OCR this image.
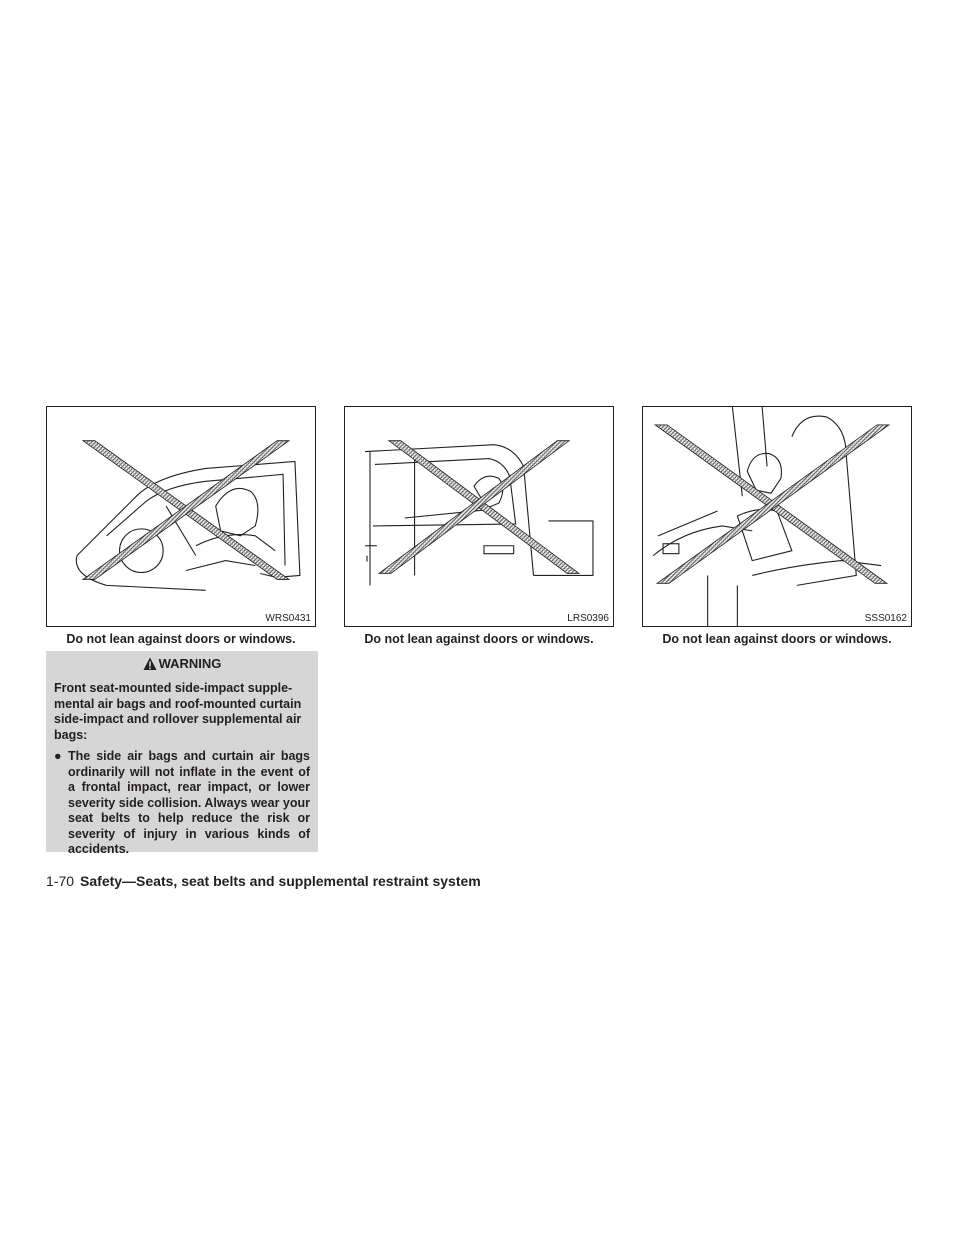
WRS0431
Do not lean against doors or windows.
LRS0396
Do not lean against doors or windows.
SSS0162
Do not lean against doors or windows.
WARNING
Front seat-mounted side-impact supple-mental air bags and roof-mounted curtain side-impact and rollover supplemental air bags:
● The side air bags and curtain air bags ordinarily will not inflate in the event of a frontal impact, rear impact, or lower severity side collision. Always wear your seat belts to help reduce the risk or severity of injury in various kinds of accidents.
1-70 Safety—Seats, seat belts and supplemental restraint system
